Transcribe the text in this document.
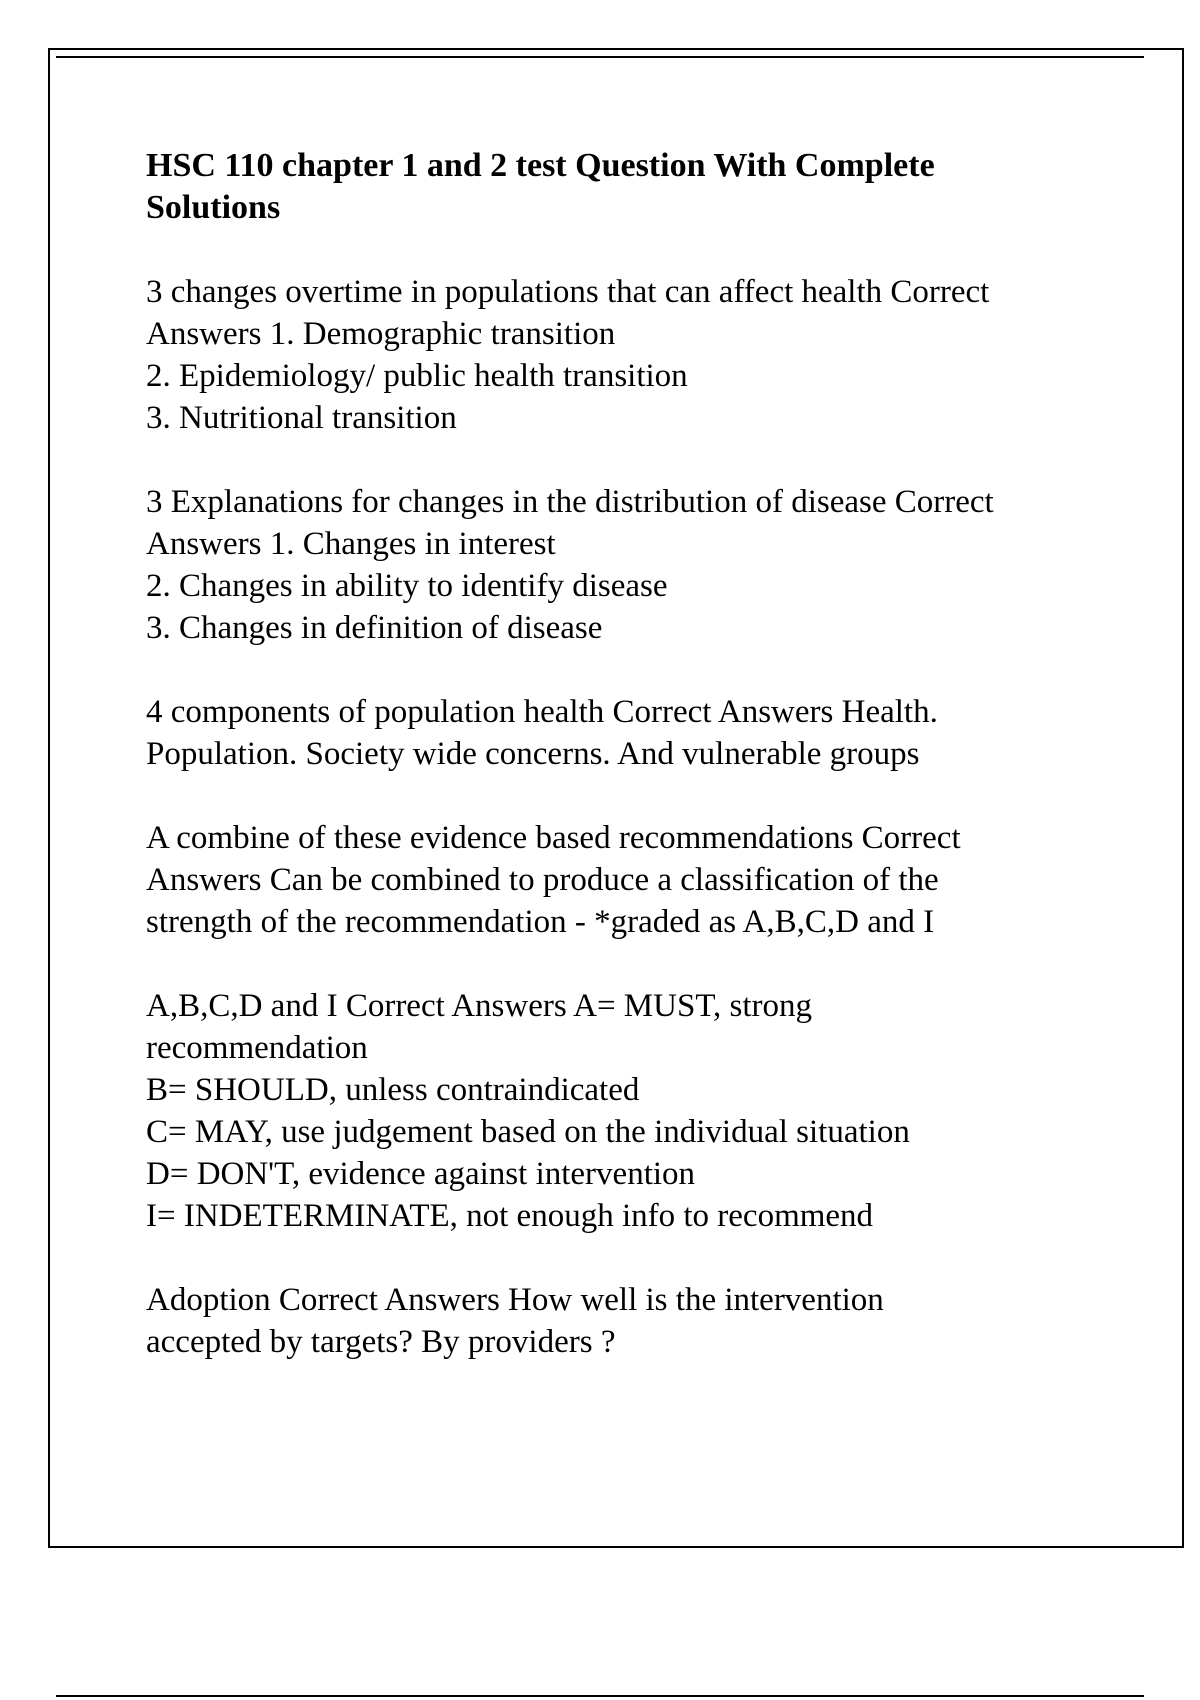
HSC 110 chapter 1 and 2 test Question With Complete
Solutions

3 changes overtime in populations that can affect health Correct
Answers 1. Demographic transition
2. Epidemiology/ public health transition
3. Nutritional transition

3 Explanations for changes in the distribution of disease Correct
Answers 1. Changes in interest
2. Changes in ability to identify disease
3. Changes in definition of disease

4 components of population health Correct Answers Health.
Population. Society wide concerns. And vulnerable groups

A combine of these evidence based recommendations Correct
Answers Can be combined to produce a classification of the
strength of the recommendation - *graded as A,B,C,D and I

A,B,C,D and I Correct Answers A= MUST, strong
recommendation
B= SHOULD, unless contraindicated
C= MAY, use judgement based on the individual situation
D= DON'T, evidence against intervention
I= INDETERMINATE, not enough info to recommend

Adoption Correct Answers How well is the intervention
accepted by targets? By providers ?
